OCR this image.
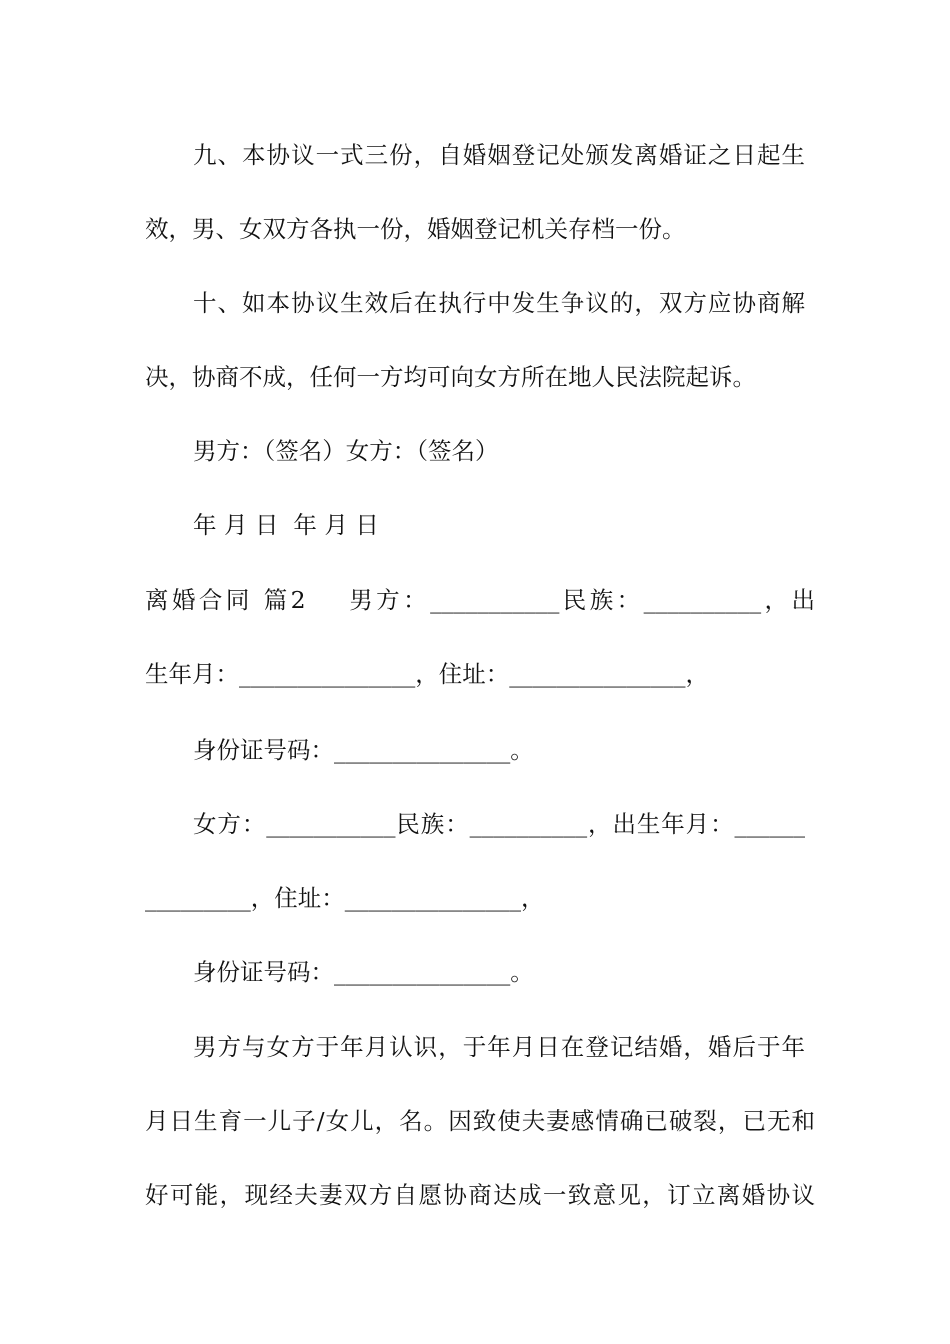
九、本协议一式三份，自婚姻登记处颁发离婚证之日起生
效，男、女双方各执一份，婚姻登记机关存档一份。
十、如本协议生效后在执行中发生争议的，双方应协商解
决，协商不成，任何一方均可向女方所在地人民法院起诉。
男方：（签名）女方：（签名）
年 月 日  年 月 日
离婚合同 篇2    男方：___________民族：__________，出
生年月：_______________，住址：_______________，
身份证号码：_______________。
女方：___________民族：__________，出生年月：______
_________，住址：_______________，
身份证号码：_______________。
男方与女方于年月认识，于年月日在登记结婚，婚后于年
月日生育一儿子/女儿，名。因致使夫妻感情确已破裂，已无和
好可能，现经夫妻双方自愿协商达成一致意见，订立离婚协议
